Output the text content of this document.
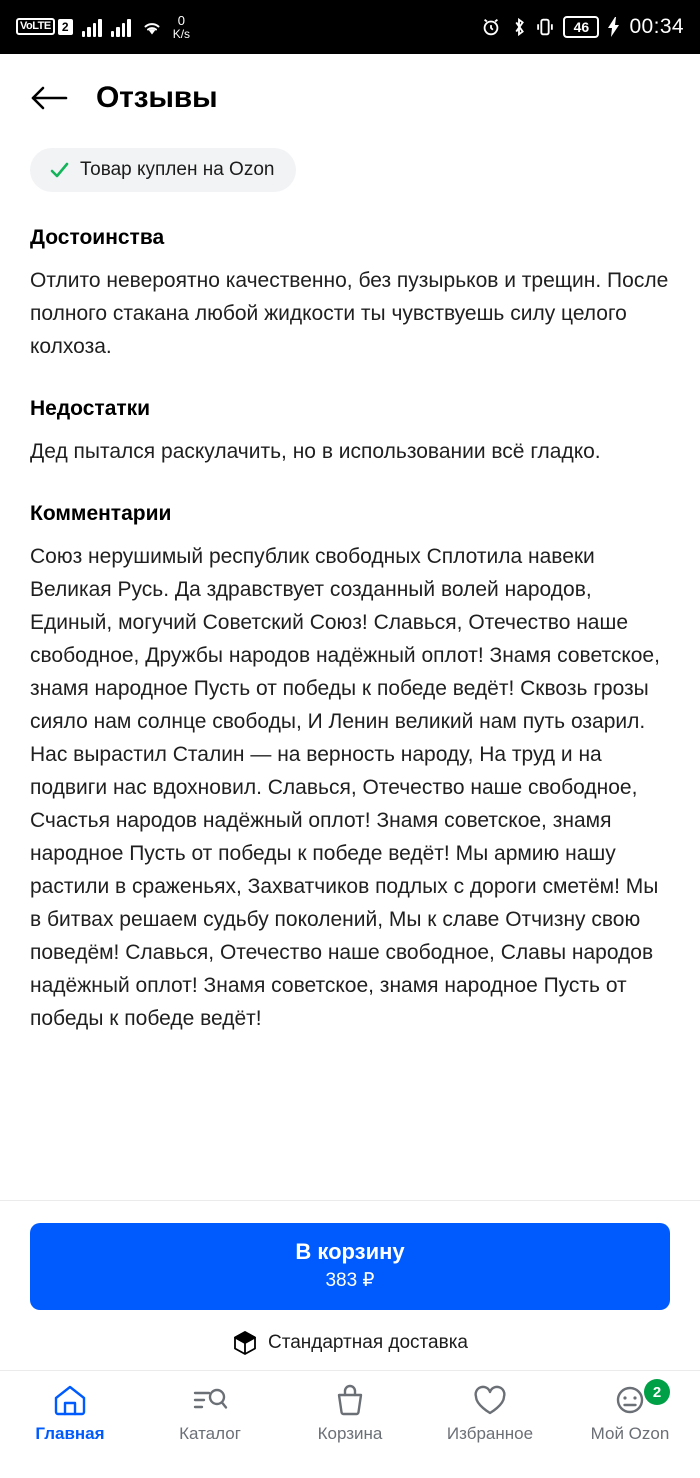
VoLTE 2	0
K/s	46 00:34
Отзывы
Товар куплен на Ozon
Достоинства
Отлито невероятно качественно, без пузырьков и трещин. После полного стакана любой жидкости ты чувствуешь силу целого колхоза.
Недостатки
Дед пытался раскулачить, но в использовании всё гладко.
Комментарии
Союз нерушимый республик свободных Сплотила навеки Великая Русь. Да здравствует созданный волей народов, Единый, могучий Советский Союз! Славься, Отечество наше свободное, Дружбы народов надёжный оплот! Знамя советское, знамя народное Пусть от победы к победе ведёт! Сквозь грозы сияло нам солнце свободы, И Ленин великий нам путь озарил. Нас вырастил Сталин — на верность народу, На труд и на подвиги нас вдохновил. Славься, Отечество наше свободное, Счастья народов надёжный оплот! Знамя советское, знамя народное Пусть от победы к победе ведёт! Мы армию нашу растили в сраженьях, Захватчиков подлых с дороги сметём! Мы в битвах решаем судьбу поколений, Мы к славе Отчизну свою поведём! Славься, Отечество наше свободное, Славы народов надёжный оплот! Знамя советское, знамя народное Пусть от победы к победе ведёт!
В корзину
383 ₽
Стандартная доставка
Главная	Каталог	Корзина	Избранное
2
Мой Ozon
